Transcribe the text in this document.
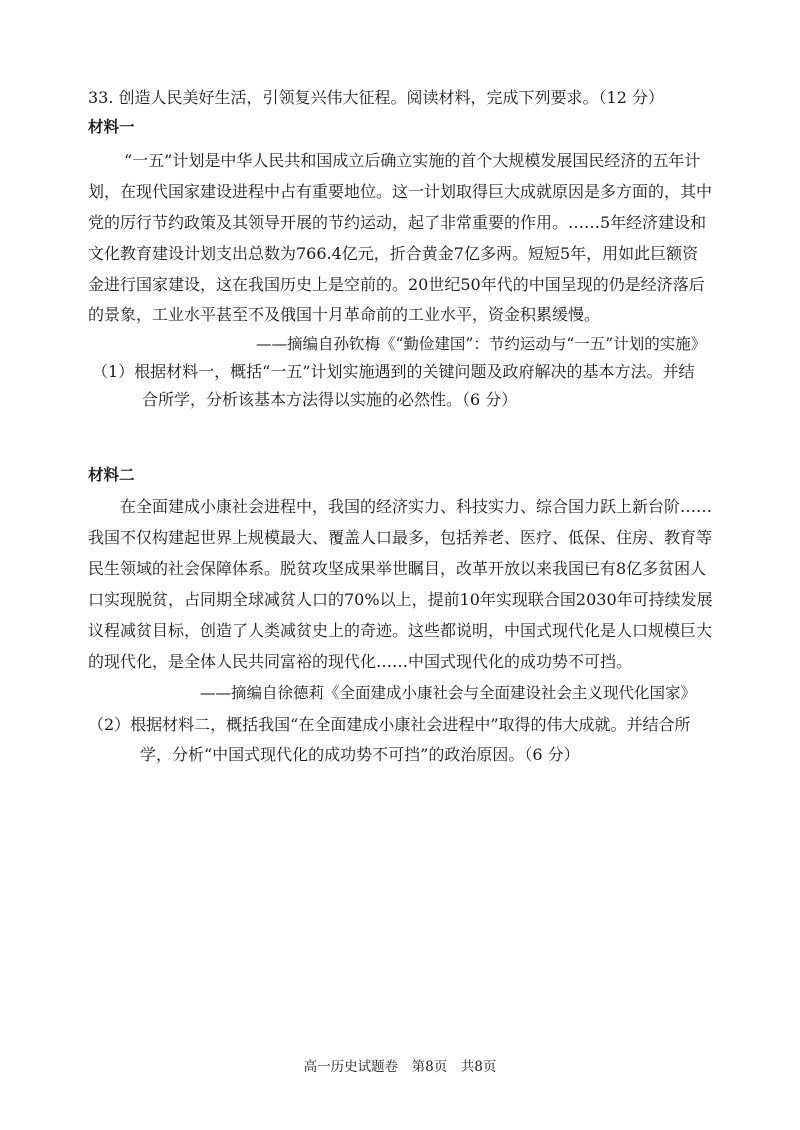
33. 创造人民美好生活，引领复兴伟大征程。阅读材料，完成下列要求。（12 分）
材料一
“一五”计划是中华人民共和国成立后确立实施的首个大规模发展国民经济的五年计
划，在现代国家建设进程中占有重要地位。这一计划取得巨大成就原因是多方面的，其中
党的厉行节约政策及其领导开展的节约运动，起了非常重要的作用。……5年经济建设和
文化教育建设计划支出总数为766.4亿元，折合黄金7亿多两。短短5年，用如此巨额资
金进行国家建设，这在我国历史上是空前的。20世纪50年代的中国呈现的仍是经济落后
的景象，工业水平甚至不及俄国十月革命前的工业水平，资金积累缓慢。
——摘编自孙钦梅《“勤俭建国”：节约运动与“一五”计划的实施》
（1）根据材料一，概括“一五”计划实施遇到的关键问题及政府解决的基本方法。并结
合所学，分析该基本方法得以实施的必然性。（6 分）
材料二
在全面建成小康社会进程中，我国的经济实力、科技实力、综合国力跃上新台阶……
我国不仅构建起世界上规模最大、覆盖人口最多，包括养老、医疗、低保、住房、教育等
民生领域的社会保障体系。脱贫攻坚成果举世瞩目，改革开放以来我国已有8亿多贫困人
口实现脱贫，占同期全球减贫人口的70%以上，提前10年实现联合国2030年可持续发展
议程减贫目标，创造了人类减贫史上的奇迹。这些都说明，中国式现代化是人口规模巨大
的现代化，是全体人民共同富裕的现代化……中国式现代化的成功势不可挡。
——摘编自徐德莉《全面建成小康社会与全面建设社会主义现代化国家》
（2）根据材料二，概括我国“在全面建成小康社会进程中”取得的伟大成就。并结合所
学，分析“中国式现代化的成功势不可挡”的政治原因。（6 分）
高一历史试题卷　第8页　共8页
